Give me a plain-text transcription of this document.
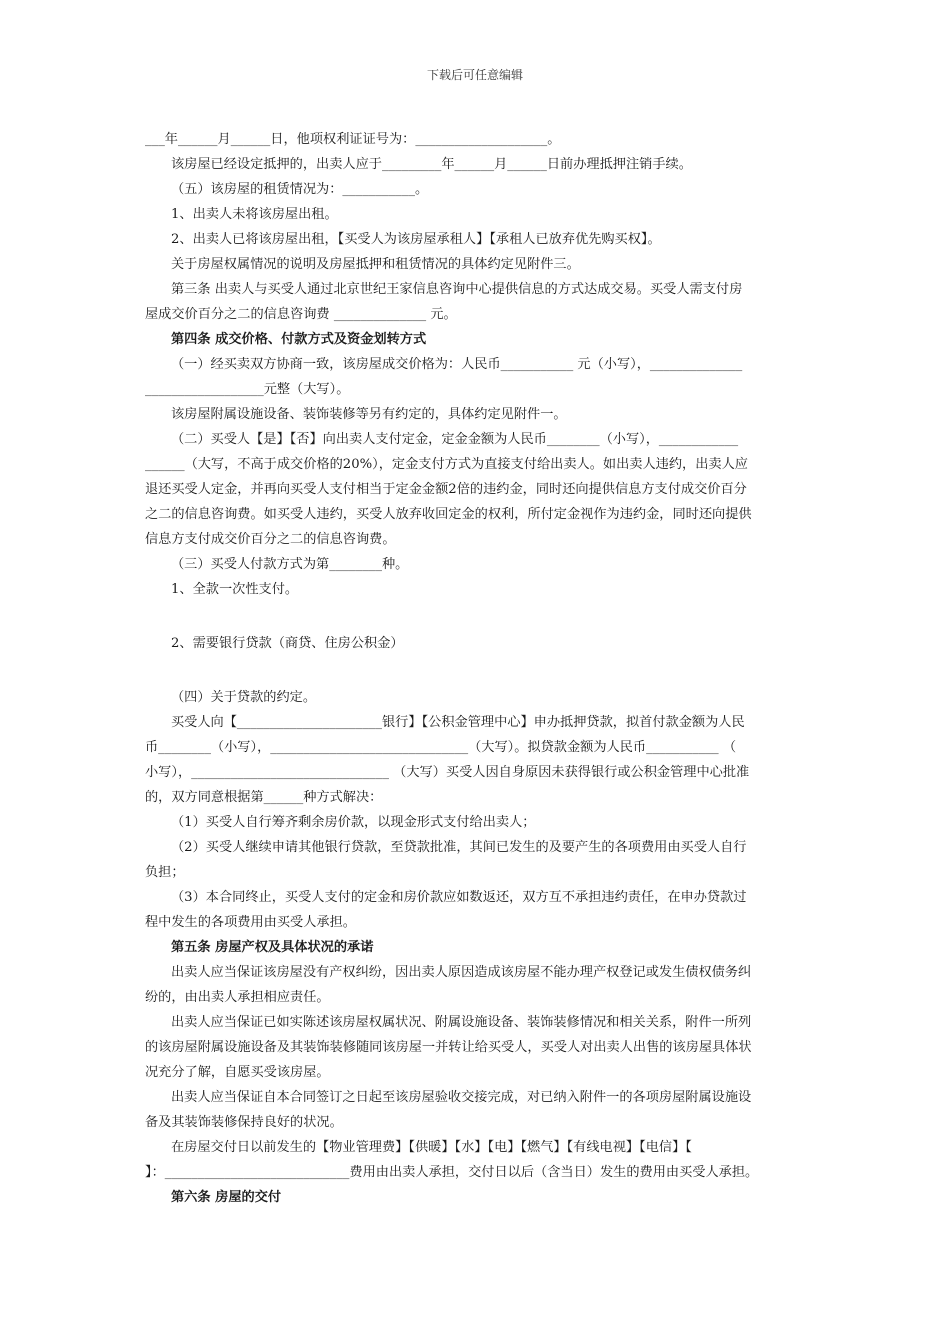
下载后可任意编辑
___年______月______日，他项权利证证号为：____________________。
该房屋已经设定抵押的，出卖人应于_________年______月______日前办理抵押注销手续。
（五）该房屋的租赁情况为：___________。
1、出卖人未将该房屋出租。
2、出卖人已将该房屋出租，【买受人为该房屋承租人】【承租人已放弃优先购买权】。
关于房屋权属情况的说明及房屋抵押和租赁情况的具体约定见附件三。
第三条 出卖人与买受人通过北京世纪王家信息咨询中心提供信息的方式达成交易。买受人需支付房
屋成交价百分之二的信息咨询费 ______________ 元。
第四条 成交价格、付款方式及资金划转方式
（一）经买卖双方协商一致，该房屋成交价格为：人民币___________ 元（小写），______________
__________________元整（大写）。
该房屋附属设施设备、装饰装修等另有约定的，具体约定见附件一。
（二）买受人【是】【否】向出卖人支付定金，定金金额为人民币________（小写），____________
______（大写，不高于成交价格的20%），定金支付方式为直接支付给出卖人。如出卖人违约，出卖人应
退还买受人定金，并再向买受人支付相当于定金金额2倍的违约金，同时还向提供信息方支付成交价百分
之二的信息咨询费。如买受人违约，买受人放弃收回定金的权利，所付定金视作为违约金，同时还向提供
信息方支付成交价百分之二的信息咨询费。
（三）买受人付款方式为第________种。
1、全款一次性支付。
2、需要银行贷款（商贷、住房公积金）
（四）关于贷款的约定。
买受人向【______________________银行】【公积金管理中心】申办抵押贷款，拟首付款金额为人民
币________（小写），______________________________（大写）。拟贷款金额为人民币___________ （
小写），______________________________ （大写）买受人因自身原因未获得银行或公积金管理中心批准
的，双方同意根据第______种方式解决：
（1）买受人自行筹齐剩余房价款，以现金形式支付给出卖人；
（2）买受人继续申请其他银行贷款，至贷款批准，其间已发生的及要产生的各项费用由买受人自行
负担；
（3）本合同终止，买受人支付的定金和房价款应如数返还，双方互不承担违约责任，在申办贷款过
程中发生的各项费用由买受人承担。
第五条 房屋产权及具体状况的承诺
出卖人应当保证该房屋没有产权纠纷，因出卖人原因造成该房屋不能办理产权登记或发生债权债务纠
纷的，由出卖人承担相应责任。
出卖人应当保证已如实陈述该房屋权属状况、附属设施设备、装饰装修情况和相关关系，附件一所列
的该房屋附属设施设备及其装饰装修随同该房屋一并转让给买受人，买受人对出卖人出售的该房屋具体状
况充分了解，自愿买受该房屋。
出卖人应当保证自本合同签订之日起至该房屋验收交接完成，对已纳入附件一的各项房屋附属设施设
备及其装饰装修保持良好的状况。
在房屋交付日以前发生的【物业管理费】【供暖】【水】【电】【燃气】【有线电视】【电信】【
】：____________________________费用由出卖人承担，交付日以后（含当日）发生的费用由买受人承担。
第六条 房屋的交付
